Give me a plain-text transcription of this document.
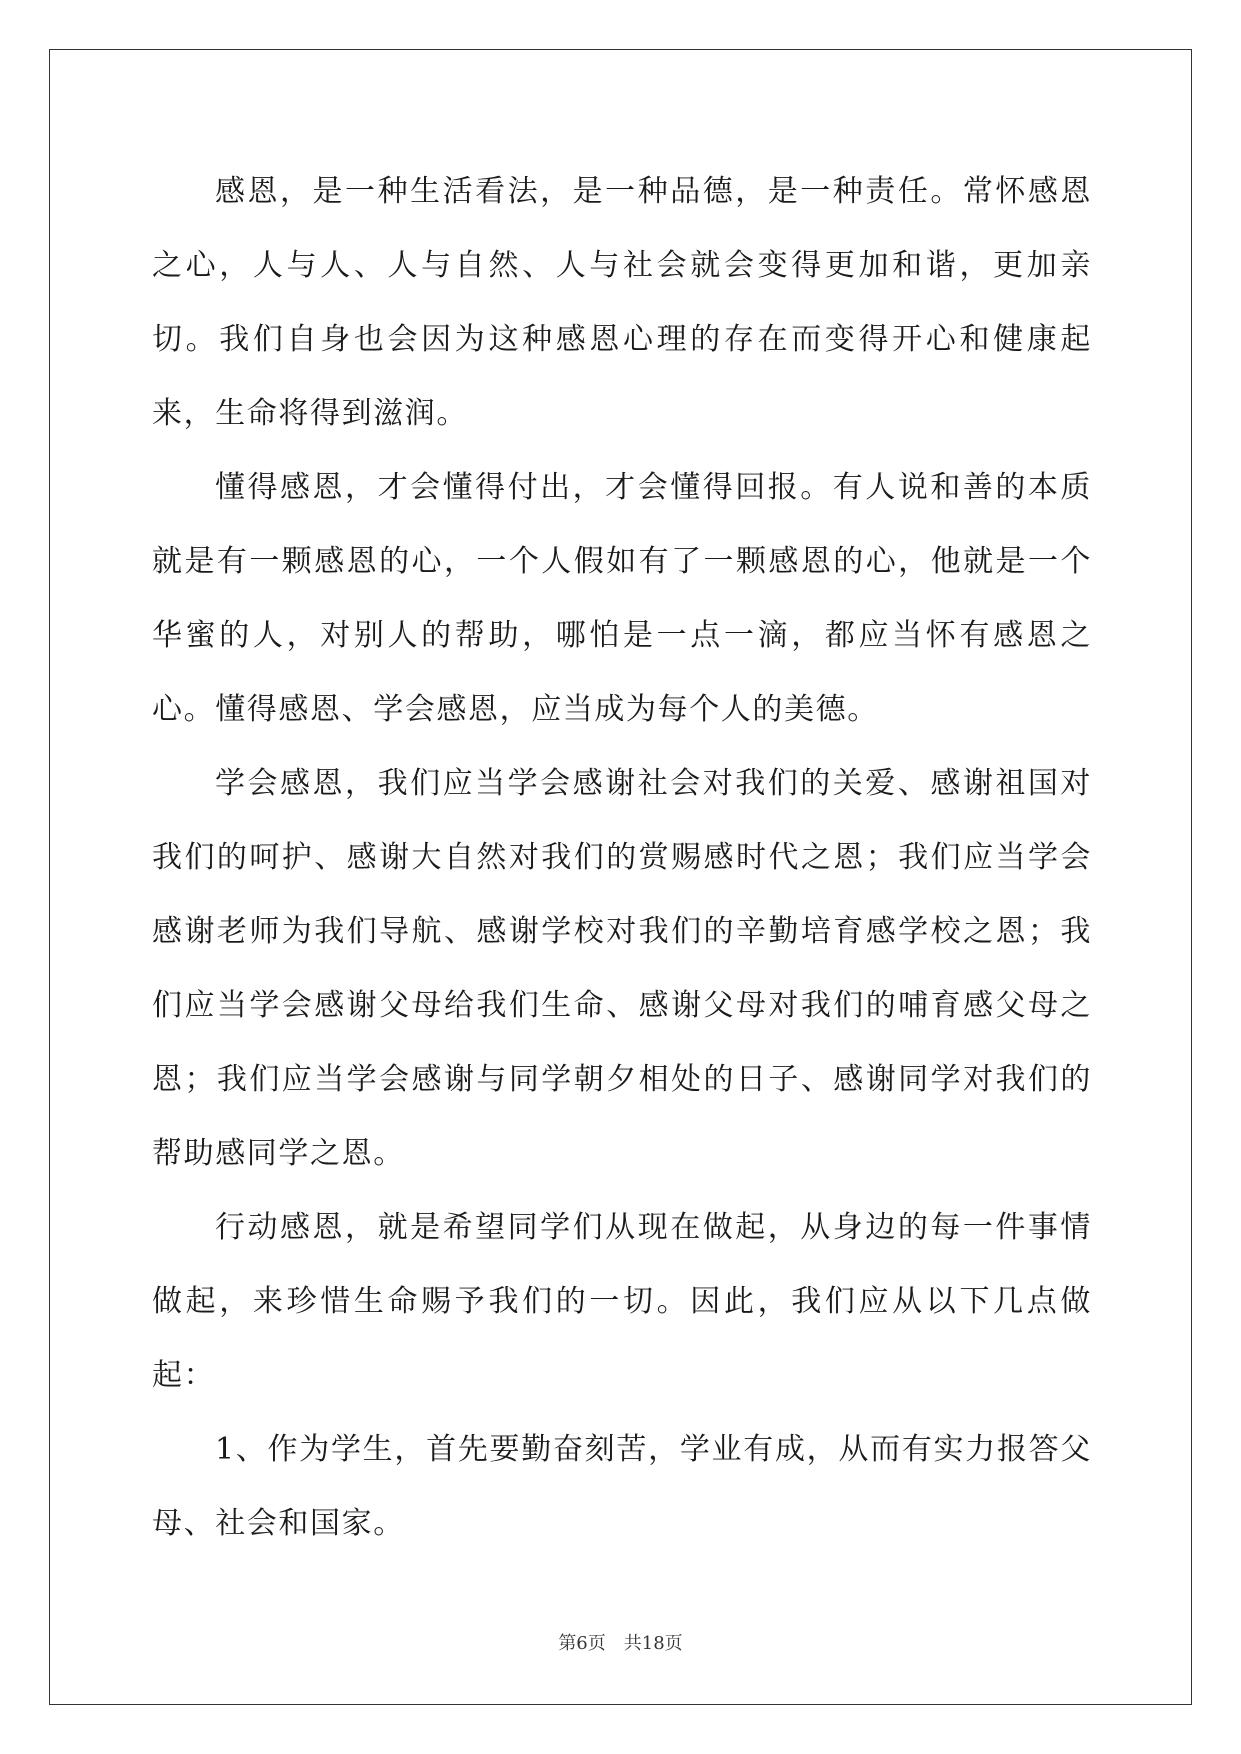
感恩，是一种生活看法，是一种品德，是一种责任。常怀感恩之心，人与人、人与自然、人与社会就会变得更加和谐，更加亲切。我们自身也会因为这种感恩心理的存在而变得开心和健康起来，生命将得到滋润。

懂得感恩，才会懂得付出，才会懂得回报。有人说和善的本质就是有一颗感恩的心，一个人假如有了一颗感恩的心，他就是一个华蜜的人，对别人的帮助，哪怕是一点一滴，都应当怀有感恩之心。懂得感恩、学会感恩，应当成为每个人的美德。

学会感恩，我们应当学会感谢社会对我们的关爱、感谢祖国对我们的呵护、感谢大自然对我们的赏赐感时代之恩；我们应当学会感谢老师为我们导航、感谢学校对我们的辛勤培育感学校之恩；我们应当学会感谢父母给我们生命、感谢父母对我们的哺育感父母之恩；我们应当学会感谢与同学朝夕相处的日子、感谢同学对我们的帮助感同学之恩。

行动感恩，就是希望同学们从现在做起，从身边的每一件事情做起，来珍惜生命赐予我们的一切。因此，我们应从以下几点做起：

1、作为学生，首先要勤奋刻苦，学业有成，从而有实力报答父母、社会和国家。

第6页 共18页
